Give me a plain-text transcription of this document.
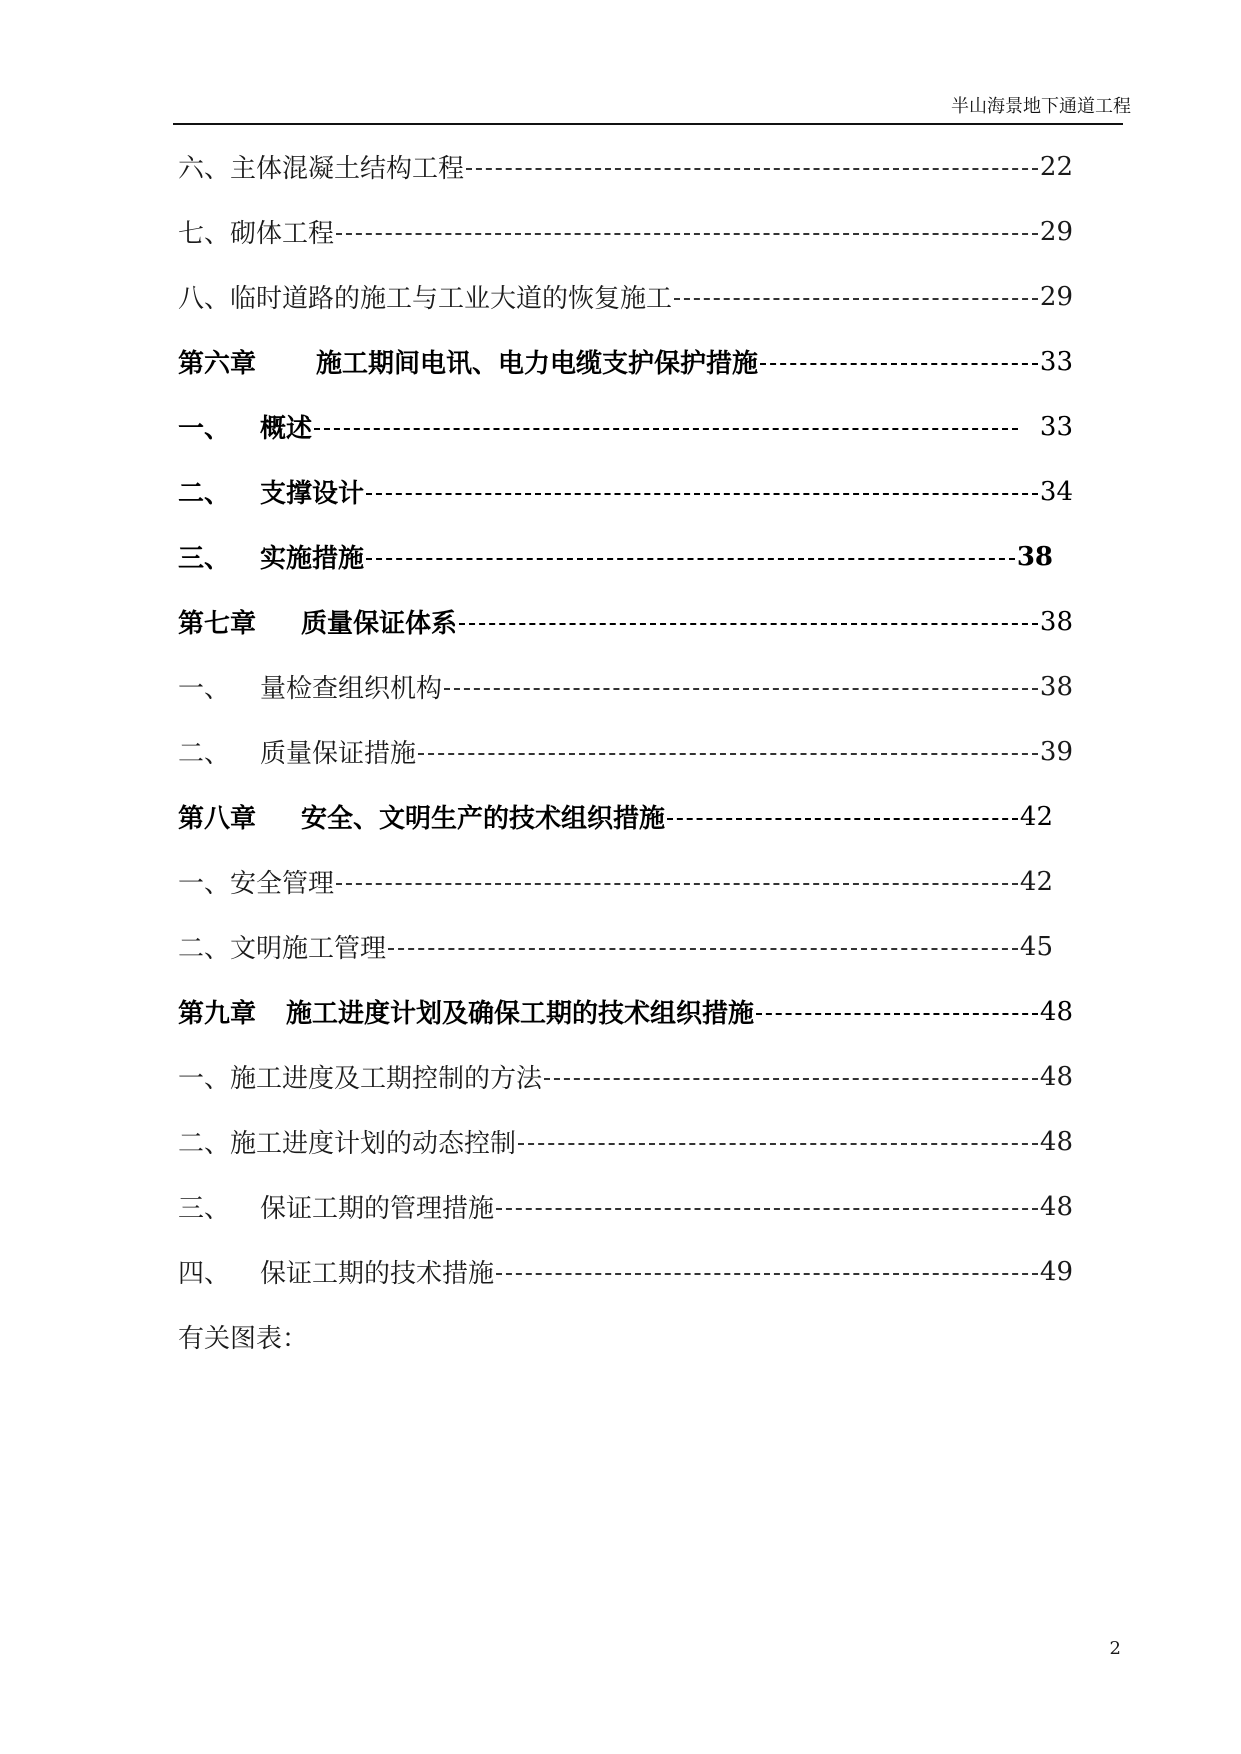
半山海景地下通道工程
六、 主体混凝土结构工程	22
七、 砌体工程	29
八、 临时道路的施工与工业大道的恢复施工	29
第六章 施工期间电讯、电力电缆支护保护措施	33
一、 概述	33
二、 支撑设计	34
三、 实施措施	38
第七章 质量保证体系	38
一、 量检查组织机构	38
二、 质量保证措施	39
第八章 安全、文明生产的技术组织措施	42
一、 安全管理	42
二、 文明施工管理	45
第九章 施工进度计划及确保工期的技术组织措施	48
一、 施工进度及工期控制的方法	48
二、 施工进度计划的动态控制	48
三、 保证工期的管理措施	48
四、 保证工期的技术措施	49
有关图表：
2
